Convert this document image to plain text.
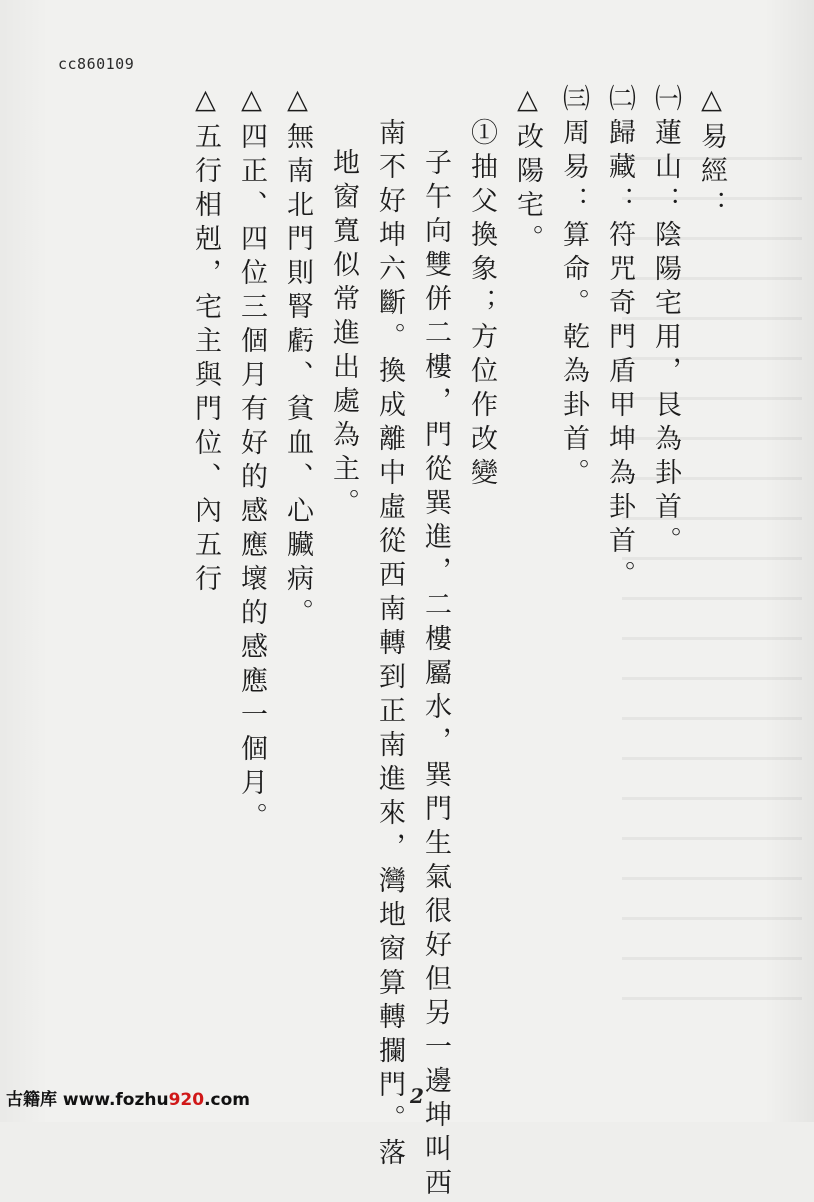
cc860109
△易經：
㈠蓮山：陰陽宅用，艮為卦首。
㈡歸藏：符咒奇門盾甲坤為卦首。
㈢周易：算命。乾為卦首。
△改陽宅。
①抽父換象；方位作改變
子午向雙併二樓，門從巽進，二樓屬水，巽門生氣很好但另一邊坤叫西
南不好坤六斷。換成離中虛從西南轉到正南進來，灣地窗算轉攔門。落
地窗寬似常進出處為主。
△無南北門則腎虧、貧血、心臟病。
△四正、四位三個月有好的感應壞的感應一個月。
△五行相剋，宅主與門位、內五行
古籍库 www.fozhu920.com	2
